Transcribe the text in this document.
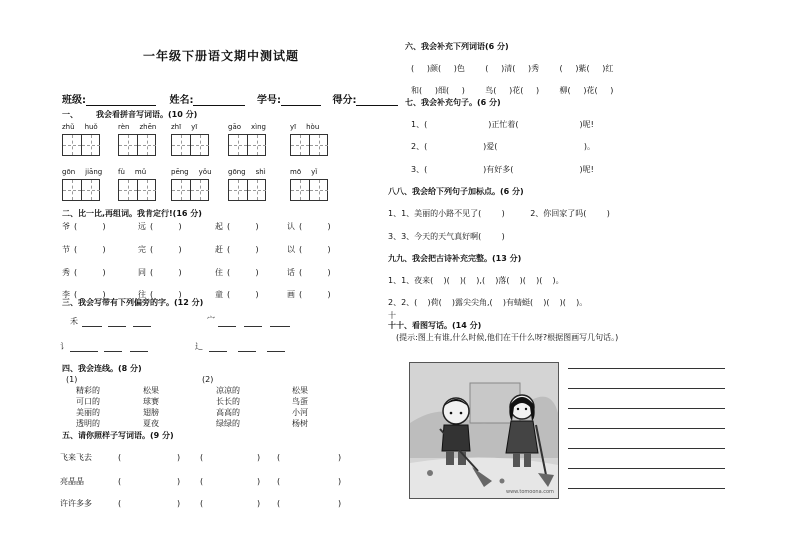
一年级下册语文期中测试题
班级:	姓名:	学号:	得分:
一、 我会看拼音写词语。(10 分)
zhǔ huǒ	rèn zhēn zhī yī	gāo xìng	yī hòu
gōn jiāng fù mǔ	pēng yǒu gōng shì	mō yǐ
二、比一比,再组词。我肯定行!(16 分)
爷 (          )	远 (          )	起 (          )	认 (          )
节 (          )	完 (          )	赶 (          )	以 (          )
秀 (          )	同 (          )	住 (          )	话 (          )
李 (          )	往 (          )	童 (          )	画 (          )
三、我会写带有下列偏旁的字。(12 分)
禾	宀
讠	辶
四、我会连线。(8 分)
(1)	(2)
精彩的
可口的
美丽的
透明的
松果
球赛
翅膀
夏夜
凉凉的
长长的
高高的
绿绿的
松果
鸟蛋
小河
杨树
五、请你照样子写词语。(9 分)
飞来飞去	(	) (	) (	)
亮晶晶	(	) (	) (	)
许许多多	(	) (	) (	)
六、我会补充下列词语(6 分)
(     )颜(     )色        (     )清(     )秀        (     )紫(     )红
和(     )细(     )        鸟(     )花(     )        柳(     )花(     )
七、我会补充句子。(6 分)
1、(                        )正忙着(                        )呢!
2、(                      )爱(                                  )。
3、(                      )有好多(                          )呢!
八八、我会给下列句子加标点。(6 分)
1、1、美丽的小路不见了(        )          2、你回家了吗(        )
3、3、今天的天气真好啊(        )
九九、我会把古诗补充完整。(13 分)
1、1、夜来(    )(    )(    ),(    )落(    )(    )(    )。
2、2、(    )荷(    )露尖尖角,(    )有蜻蜓(    )(    )(    )。
十
十十、看图写话。(14 分)
(提示:图上有谁,什么时候,他们在干什么呀?根据图画写几句话。)
www.tomoona.com
